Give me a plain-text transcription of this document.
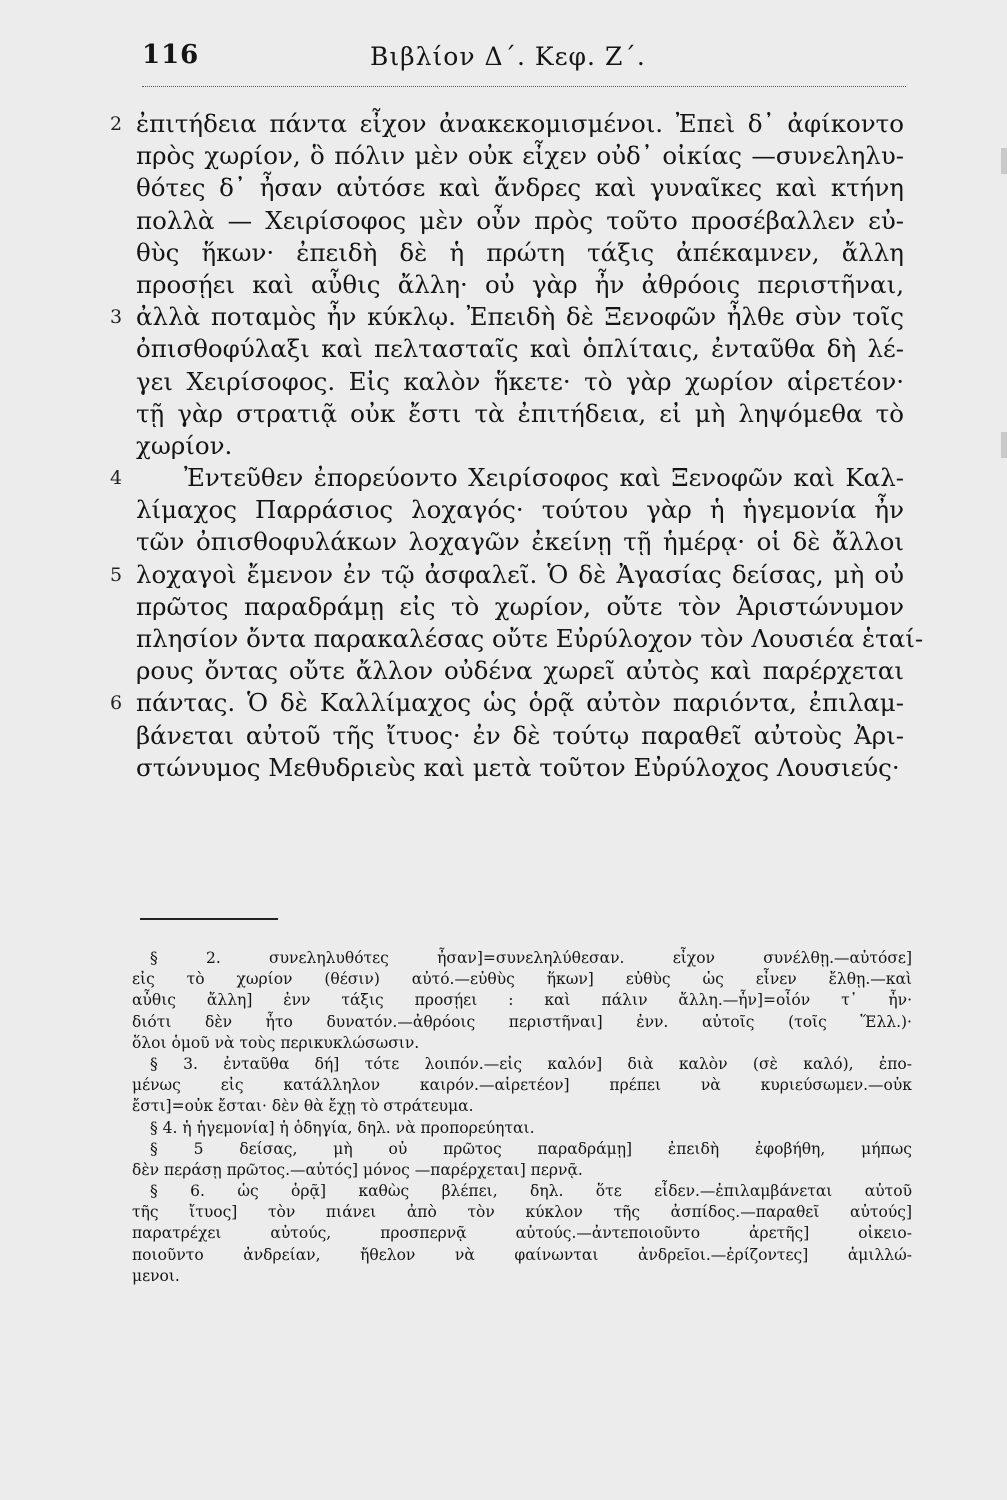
116	Βιβλίον Δ΄. Κεφ. Ζ΄.
2 ἐπιτήδεια πάντα εἶχον ἀνακεκομισμένοι. Ἐπεὶ δ᾿ ἀφίκοντο
πρὸς χωρίον, ὃ πόλιν μὲν οὐκ εἶχεν οὐδ᾿ οἰκίας —συνεληλυ-
θότες δ᾿ ἦσαν αὐτόσε καὶ ἄνδρες καὶ γυναῖκες καὶ κτήνη
πολλὰ — Χειρίσοφος μὲν οὖν πρὸς τοῦτο προσέβαλλεν εὐ-
θὺς ἥκων· ἐπειδὴ δὲ ἡ πρώτη τάξις ἀπέκαμνεν, ἄλλη
προσῄει καὶ αὖθις ἄλλη· οὐ γὰρ ἦν ἀθρόοις περιστῆναι,
3 ἀλλὰ ποταμὸς ἦν κύκλῳ. Ἐπειδὴ δὲ Ξενοφῶν ἦλθε σὺν τοῖς
ὀπισθοφύλαξι καὶ πελτασταῖς καὶ ὁπλίταις, ἐνταῦθα δὴ λέ-
γει Χειρίσοφος. Εἰς καλὸν ἥκετε· τὸ γὰρ χωρίον αἱρετέον·
τῇ γὰρ στρατιᾷ οὐκ ἔστι τὰ ἐπιτήδεια, εἰ μὴ ληψόμεθα τὸ
χωρίον.
4	Ἐντεῦθεν ἐπορεύοντο Χειρίσοφος καὶ Ξενοφῶν καὶ Καλ-
λίμαχος Παρράσιος λοχαγός· τούτου γὰρ ἡ ἡγεμονία ἦν
τῶν ὀπισθοφυλάκων λοχαγῶν ἐκείνῃ τῇ ἡμέρᾳ· οἱ δὲ ἄλλοι
5 λοχαγοὶ ἔμενον ἐν τῷ ἀσφαλεῖ. Ὁ δὲ Ἀγασίας δείσας, μὴ οὐ
πρῶτος παραδράμῃ εἰς τὸ χωρίον, οὔτε τὸν Ἀριστώνυμον
πλησίον ὄντα παρακαλέσας οὔτε Εὐρύλοχον τὸν Λουσιέα ἑταί-
ρους ὄντας οὔτε ἄλλον οὐδένα χωρεῖ αὐτὸς καὶ παρέρχεται
6 πάντας. Ὁ δὲ Καλλίμαχος ὡς ὁρᾷ αὐτὸν παριόντα, ἐπιλαμ-
βάνεται αὐτοῦ τῆς ἴτυος· ἐν δὲ τούτῳ παραθεῖ αὐτοὺς Ἀρι-
στώνυμος Μεθυδριεὺς καὶ μετὰ τοῦτον Εὐρύλοχος Λουσιεύς·
§ 2. συνεληλυθότες ἦσαν]=συνεληλύθεσαν. εἶχον συνέλθῃ.—αὐτόσε]
εἰς τὸ χωρίον (θέσιν) αὐτό.—εὐθὺς ἥκων] εὐθὺς ὡς εἶνεν ἔλθῃ.—καὶ
αὖθις ἄλλη] ἐνν τάξις προσῄει : καὶ πάλιν ἄλλη.—ἦν]=οἷόν τ᾿ ἦν·
διότι δὲν ἦτο δυνατόν.—ἀθρόοις περιστῆναι] ἐνν. αὐτοῖς (τοῖς Ἕλλ.)·
ὅλοι ὁμοῦ νὰ τοὺς περικυκλώσωσιν.
§ 3. ἐνταῦθα δή] τότε λοιπόν.—εἰς καλόν] διὰ καλὸν (σὲ καλό), ἐπο-
μένως εἰς κατάλληλον καιρόν.—αἱρετέον] πρέπει νὰ κυριεύσωμεν.—οὐκ
ἔστι]=οὐκ ἔσται· δὲν θὰ ἔχῃ τὸ στράτευμα.
§ 4. ἡ ἡγεμονία] ἡ ὁδηγία, δηλ. νὰ προπορεύηται.
§ 5 δείσας, μὴ οὐ πρῶτος παραδράμῃ] ἐπειδὴ ἐφοβήθη, μήπως
δὲν περάσῃ πρῶτος.—αὐτός] μόνος —παρέρχεται] περνᾷ.
§ 6. ὡς ὁρᾷ] καθὼς βλέπει, δηλ. ὅτε εἶδεν.—ἐπιλαμβάνεται αὐτοῦ
τῆς ἴτυος] τὸν πιάνει ἀπὸ τὸν κύκλον τῆς ἀσπίδος.—παραθεῖ αὐτούς]
παρατρέχει αὐτούς, προσπερνᾷ αὐτούς.—ἀντεποιοῦντο ἀρετῆς] οἰκειο-
ποιοῦντο ἀνδρείαν, ἤθελον νὰ φαίνωνται ἀνδρεῖοι.—ἐρίζοντες] ἁμιλλώ-
μενοι.
